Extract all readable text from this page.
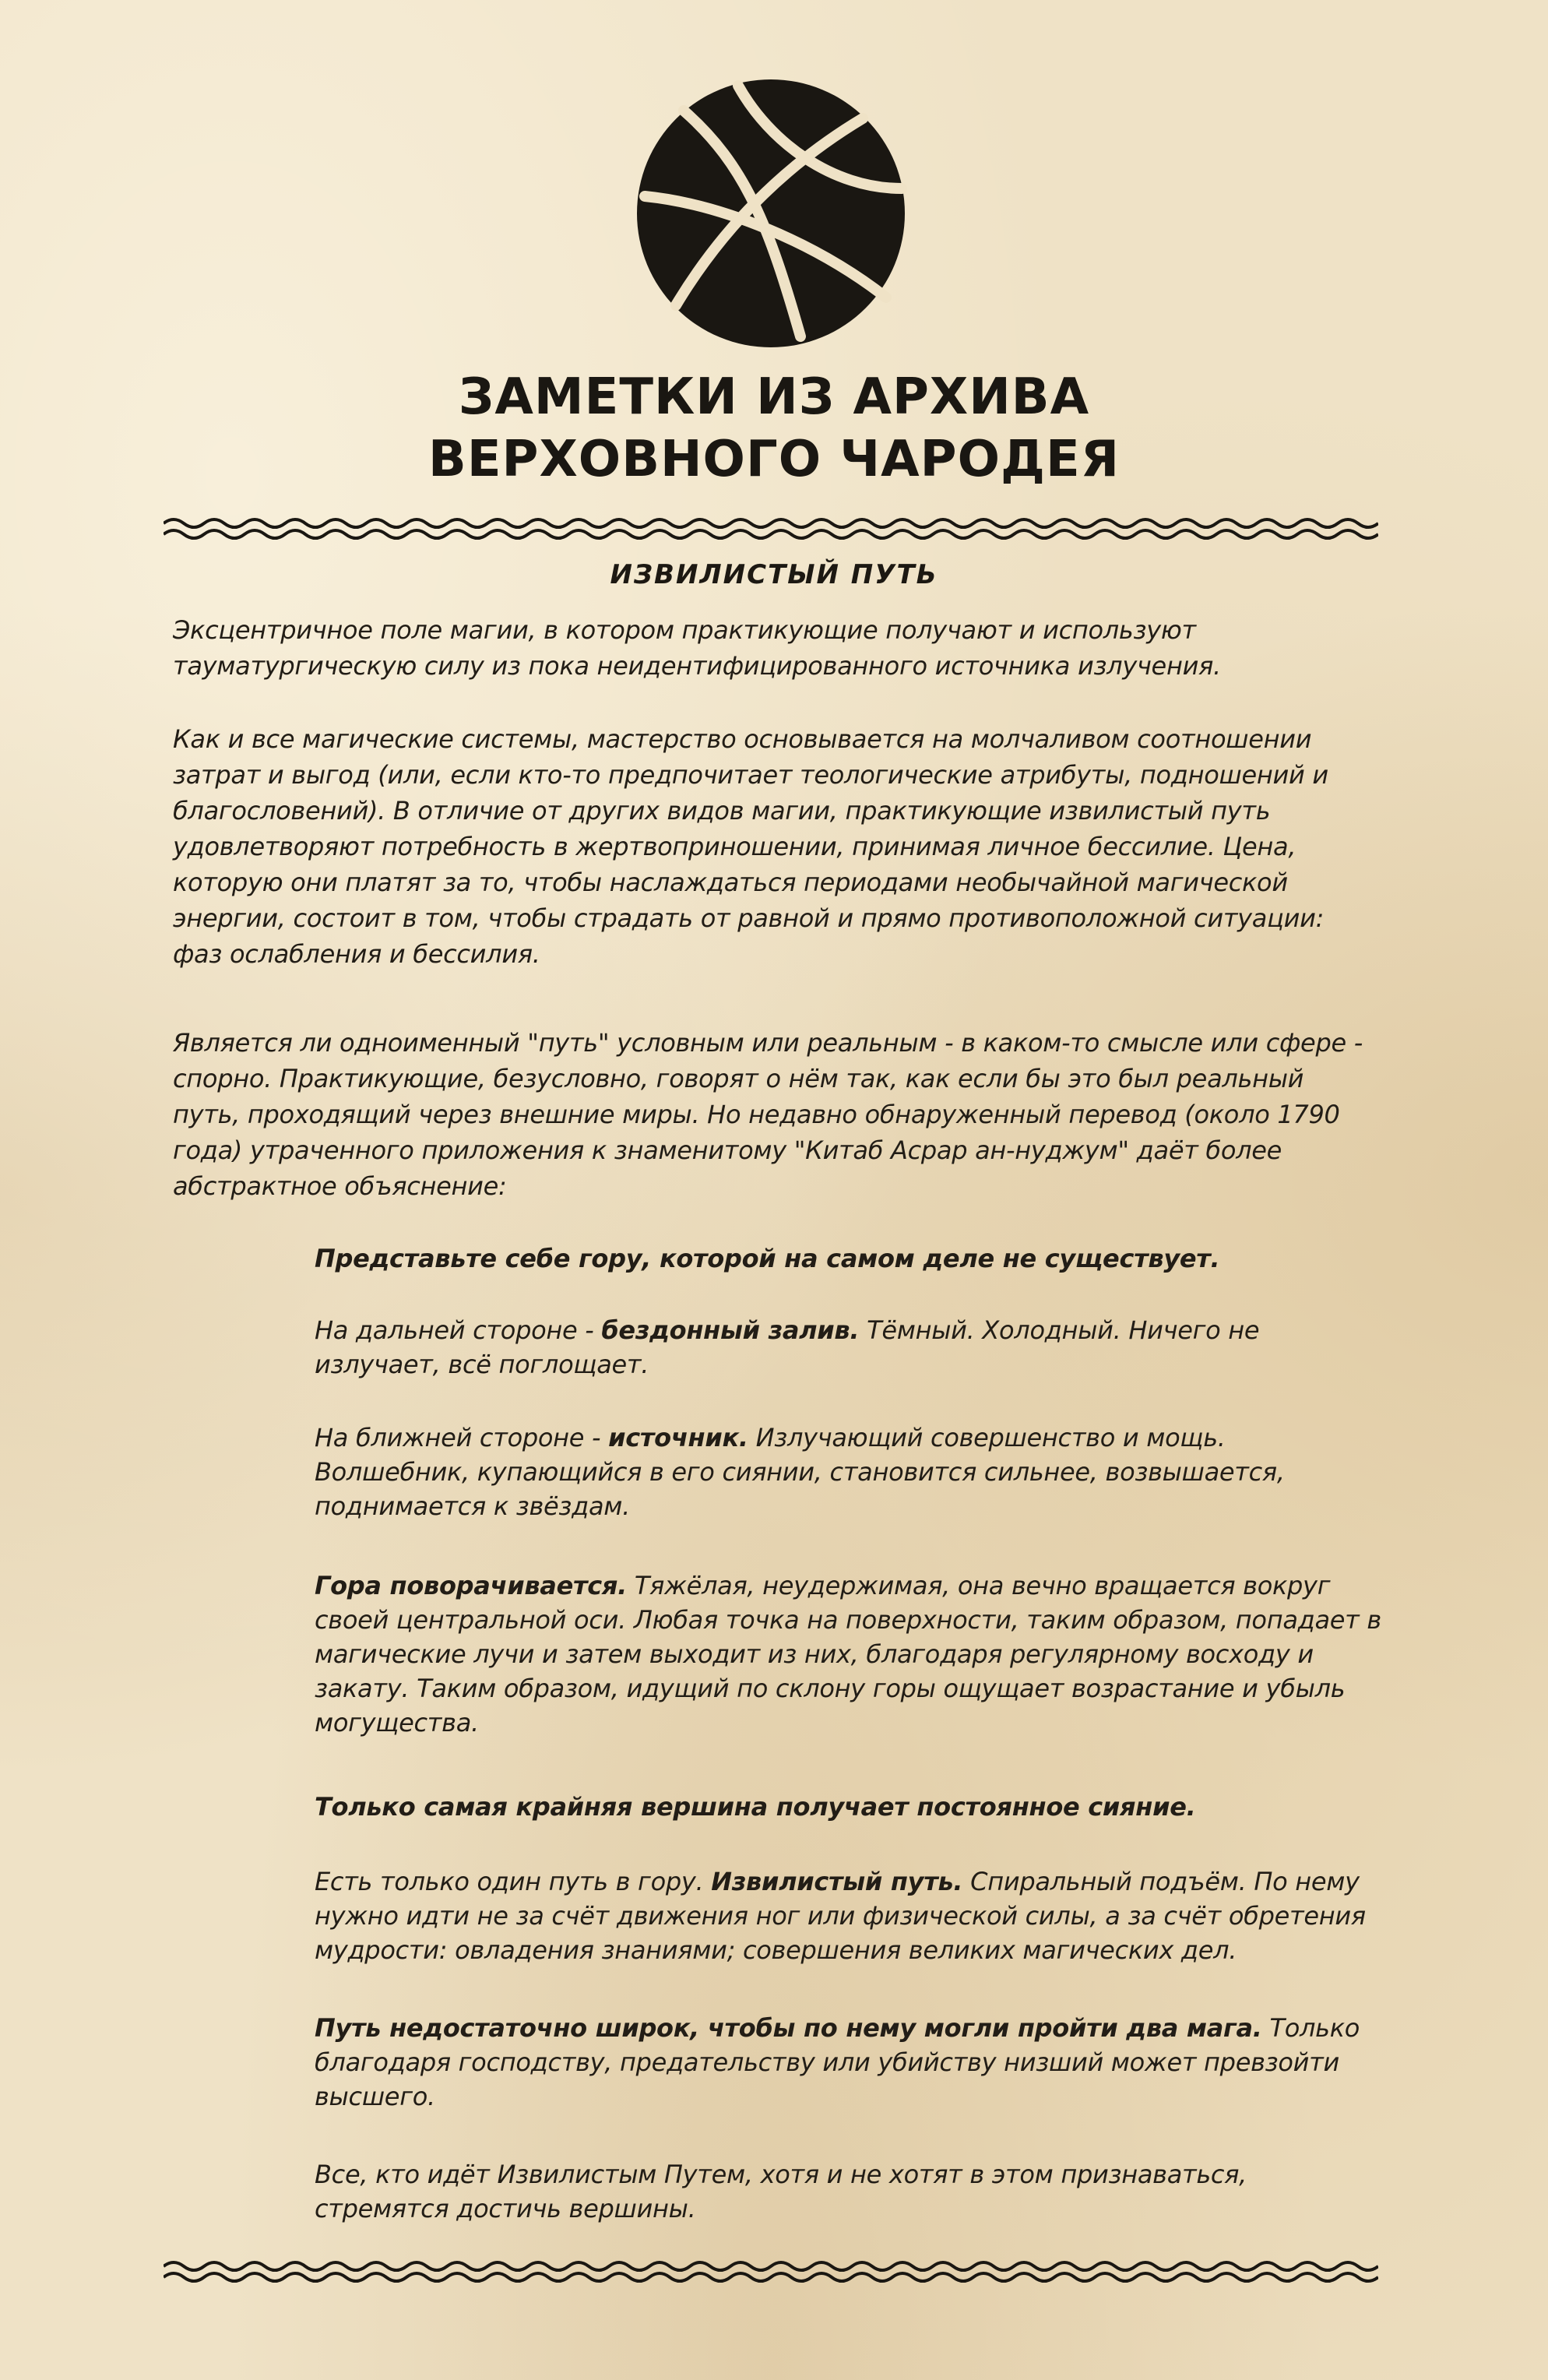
ЗАМЕТКИ ИЗ АРХИВА
ВЕРХОВНОГО ЧАРОДЕЯ
ИЗВИЛИСТЫЙ ПУТЬ
Эксцентричное поле магии, в котором практикующие получают и используют тауматургическую силу из пока неидентифицированного источника излучения.
Как и все магические системы, мастерство основывается на молчаливом соотношении затрат и выгод (или, если кто-то предпочитает теологические атрибуты, подношений и благословений). В отличие от других видов магии, практикующие извилистый путь удовлетворяют потребность в жертвоприношении, принимая личное бессилие. Цена, которую они платят за то, чтобы наслаждаться периодами необычайной магической энергии, состоит в том, чтобы страдать от равной и прямо противоположной ситуации: фаз ослабления и бессилия.
Является ли одноименный "путь" условным или реальным - в каком-то смысле или сфере - спорно. Практикующие, безусловно, говорят о нём так, как если бы это был реальный путь, проходящий через внешние миры. Но недавно обнаруженный перевод (около 1790 года) утраченного приложения к знаменитому "Китаб Асрар ан-нуджум" даёт более абстрактное объяснение:
Представьте себе гору, которой на самом деле не существует.
На дальней стороне - бездонный залив. Тёмный. Холодный. Ничего не излучает, всё поглощает.
На ближней стороне - источник. Излучающий совершенство и мощь. Волшебник, купающийся в его сиянии, становится сильнее, возвышается, поднимается к звёздам.
Гора поворачивается. Тяжёлая, неудержимая, она вечно вращается вокруг своей центральной оси. Любая точка на поверхности, таким образом, попадает в магические лучи и затем выходит из них, благодаря регулярному восходу и закату. Таким образом, идущий по склону горы ощущает возрастание и убыль могущества.
Только самая крайняя вершина получает постоянное сияние.
Есть только один путь в гору. Извилистый путь. Спиральный подъём. По нему нужно идти не за счёт движения ног или физической силы, а за счёт обретения мудрости: овладения знаниями; совершения великих магических дел.
Путь недостаточно широк, чтобы по нему могли пройти два мага. Только благодаря господству, предательству или убийству низший может превзойти высшего.
Все, кто идёт Извилистым Путем, хотя и не хотят в этом признаваться, стремятся достичь вершины.
